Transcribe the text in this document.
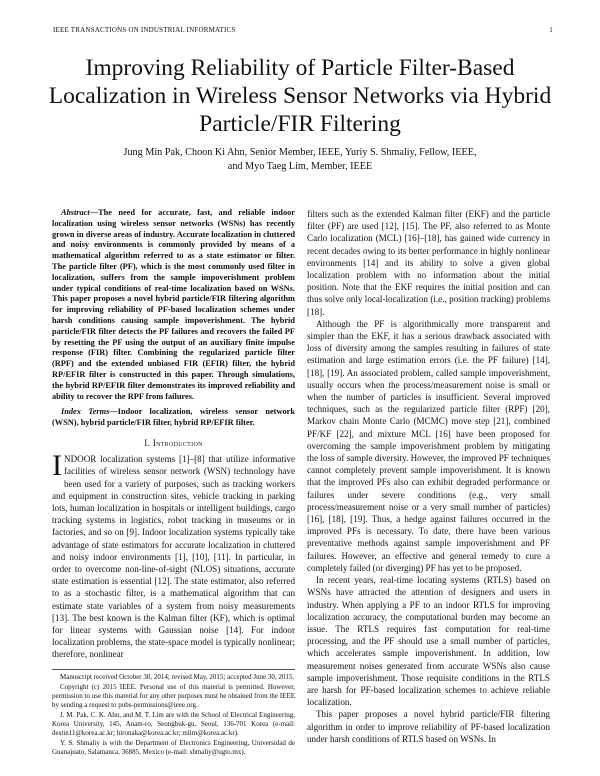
IEEE TRANSACTIONS ON INDUSTRIAL INFORMATICS	1
Improving Reliability of Particle Filter-Based Localization in Wireless Sensor Networks via Hybrid Particle/FIR Filtering
Jung Min Pak, Choon Ki Ahn, Senior Member, IEEE, Yuriy S. Shmaliy, Fellow, IEEE,
and Myo Taeg Lim, Member, IEEE

Abstract—The need for accurate, fast, and reliable indoor localization using wireless sensor networks (WSNs) has recently grown in diverse areas of industry. Accurate localization in cluttered and noisy environments is commonly provided by means of a mathematical algorithm referred to as a state estimator or filter. The particle filter (PF), which is the most commonly used filter in localization, suffers from the sample impoverishment problem under typical conditions of real-time localization based on WSNs. This paper proposes a novel hybrid particle/FIR filtering algorithm for improving reliability of PF-based localization schemes under harsh conditions causing sample impoverishment. The hybrid particle/FIR filter detects the PF failures and recovers the failed PF by resetting the PF using the output of an auxiliary finite impulse response (FIR) filter. Combining the regularized particle filter (RPF) and the extended unbiased FIR (EFIR) filter, the hybrid RP/EFIR filter is constructed in this paper. Through simulations, the hybrid RP/EFIR filter demonstrates its improved reliability and ability to recover the RPF from failures.

Index Terms—Indoor localization, wireless sensor network (WSN), hybrid particle/FIR filter, hybrid RP/EFIR filter.

I. Introduction

INDOOR localization systems [1]–[8] that utilize informative facilities of wireless sensor network (WSN) technology have been used for a variety of purposes, such as tracking workers and equipment in construction sites, vehicle tracking in parking lots, human localization in hospitals or intelligent buildings, cargo tracking systems in logistics, robot tracking in museums or in factories, and so on [9]. Indoor localization systems typically take advantage of state estimators for accurate localization in cluttered and noisy indoor environments [1], [10], [11]. In particular, in order to overcome non-line-of-sight (NLOS) situations, accurate state estimation is essential [12]. The state estimator, also referred to as a stochastic filter, is a mathematical algorithm that can estimate state variables of a system from noisy measurements [13]. The best known is the Kalman filter (KF), which is optimal for linear systems with Gaussian noise [14]. For indoor localization problems, the state-space model is typically nonlinear; therefore, nonlinear

Manuscript received October 30, 2014; revised May, 2015; accepted June 30, 2015.

Copyright (c) 2015 IEEE. Personal use of this material is permitted. However, permission to use this material for any other purposes must be obtained from the IEEE by sending a request to pubs-permissions@ieee.org.

J. M. Pak, C. K. Ahn, and M. T. Lim are with the School of Electrical Engineering, Korea University, 145, Anam-ro, Seongbuk-gu, Seoul, 136-701 Korea (e-mail: destin11@korea.ac.kr; hironaka@korea.ac.kr; mlim@korea.ac.kr).

Y. S. Shmaliy is with the Department of Electronics Engineering, Universidad de Guanajuato, Salamanca, 36885, Mexico (e-mail: shmaliy@ugto.mx).

filters such as the extended Kalman filter (EKF) and the particle filter (PF) are used [12], [15]. The PF, also referred to as Monte Carlo localization (MCL) [16]–[18], has gained wide currency in recent decades owing to its better performance in highly nonlinear environments [14] and its ability to solve a given global localization problem with no information about the initial position. Note that the EKF requires the initial position and can thus solve only local-localization (i.e., position tracking) problems [18].

Although the PF is algorithmically more transparent and simpler than the EKF, it has a serious drawback associated with loss of diversity among the samples resulting in failures of state estimation and large estimation errors (i.e. the PF failure) [14], [18], [19]. An associated problem, called sample impoverishment, usually occurs when the process/measurement noise is small or when the number of particles is insufficient. Several improved techniques, such as the regularized particle filter (RPF) [20], Markov chain Monte Carlo (MCMC) move step [21], combined PF/KF [22], and mixture MCL [16] have been proposed for overcoming the sample impoverishment problem by mitigating the loss of sample diversity. However, the improved PF techniques cannot completely prevent sample impoverishment. It is known that the improved PFs also can exhibit degraded performance or failures under severe conditions (e.g., very small process/measurement noise or a very small number of particles) [16], [18], [19]. Thus, a hedge against failures occurred in the improved PFs is necessary. To date, there have been various preventative methods against sample impoverishment and PF failures. However, an effective and general remedy to cure a completely failed (or diverging) PF has yet to be proposed.

In recent years, real-time locating systems (RTLS) based on WSNs have attracted the attention of designers and users in industry. When applying a PF to an indoor RTLS for improving localization accuracy, the computational burden may become an issue. The RTLS requires fast computation for real-time processing, and the PF should use a small number of particles, which accelerates sample impoverishment. In addition, low measurement noises generated from accurate WSNs also cause sample impoverishment. Those requisite conditions in the RTLS are harsh for PF-based localization schemes to achieve reliable localization.

This paper proposes a novel hybrid particle/FIR filtering algorithm in order to improve reliability of PF-based localization under harsh conditions of RTLS based on WSNs. In
